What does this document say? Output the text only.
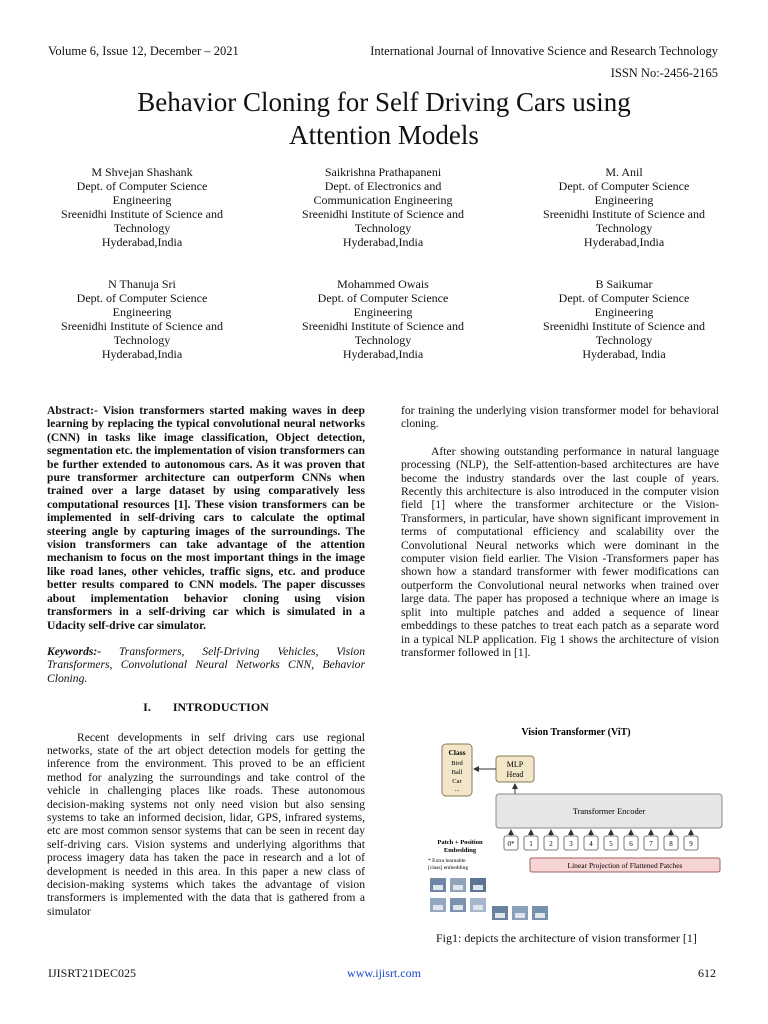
Volume 6, Issue 12, December – 2021	International Journal of Innovative Science and Research Technology
ISSN No:-2456-2165
Behavior Cloning for Self Driving Cars using
Attention Models
M Shvejan Shashank
Dept. of Computer Science
Engineering
Sreenidhi Institute of Science and
Technology
Hyderabad,India
Saikrishna Prathapaneni
Dept. of Electronics and
Communication Engineering
Sreenidhi Institute of Science and
Technology
Hyderabad,India
M. Anil
Dept. of Computer Science
Engineering
Sreenidhi Institute of Science and
Technology
Hyderabad,India
N Thanuja Sri
Dept. of Computer Science
Engineering
Sreenidhi Institute of Science and
Technology
Hyderabad,India
Mohammed Owais
Dept. of Computer Science
Engineering
Sreenidhi Institute of Science and
Technology
Hyderabad,India
B Saikumar
Dept. of Computer Science
Engineering
Sreenidhi Institute of Science and
Technology
Hyderabad, India

Abstract:- Vision transformers started making waves in deep learning by replacing the typical convolutional neural networks (CNN) in tasks like image classification, Object detection, segmentation etc. the implementation of vision transformers can be further extended to autonomous cars. As it was proven that pure transformer architecture can outperform CNNs when trained over a large dataset by using comparatively less computational resources [1]. These vision transformers can be implemented in self-driving cars to calculate the optimal steering angle by capturing images of the surroundings. The vision transformers can take advantage of the attention mechanism to focus on the most important things in the image like road lanes, other vehicles, traffic signs, etc. and produce better results compared to CNN models. The paper discusses about implementation behavior cloning using vision transformers in a self-driving car which is simulated in a Udacity self-drive car simulator.

Keywords:- Transformers, Self-Driving Vehicles, Vision Transformers, Convolutional Neural Networks CNN, Behavior Cloning.

I. INTRODUCTION

Recent developments in self driving cars use regional networks, state of the art object detection models for getting the inference from the environment. This proved to be an efficient method for analyzing the surroundings and take control of the vehicle in challenging places like roads. These autonomous decision-making systems not only need vision but also sensing systems to take an informed decision, lidar, GPS, infrared systems, etc are most common sensor systems that can be seen in recent day self-driving cars. Vision systems and underlying algorithms that process imagery data has taken the pace in research and a lot of development is needed in this area. In this paper a new class of decision-making systems which takes the advantage of vision transformers is implemented with the data that is gathered from a simulator

for training the underlying vision transformer model for behavioral cloning.

After showing outstanding performance in natural language processing (NLP), the Self-attention-based architectures are have become the industry standards over the last couple of years. Recently this architecture is also introduced in the computer vision field [1] where the transformer architecture or the Vision-Transformers, in particular, have shown significant improvement in terms of computational efficiency and scalability over the Convolutional Neural networks which were dominant in the computer vision field earlier. The Vision -Transformers paper has shown how a standard transformer with fewer modifications can outperform the Convolutional neural networks when trained over large data. The paper has proposed a technique where an image is split into multiple patches and added a sequence of linear embeddings to these patches to treat each patch as a separate word in a typical NLP application. Fig 1 shows the architecture of vision transformer followed in [1].

Vision Transformer (ViT)
Class
Bird
Ball
Car
...
MLP
Head
Transformer Encoder
Patch + Position
Embedding
* Extra learnable
[class] embedding
0* 1 2 3 4 5 6 7 8 9
Linear Projection of Flattened Patches
Fig1: depicts the architecture of vision transformer [1]
IJISRT21DEC025	www.ijisrt.com	612
